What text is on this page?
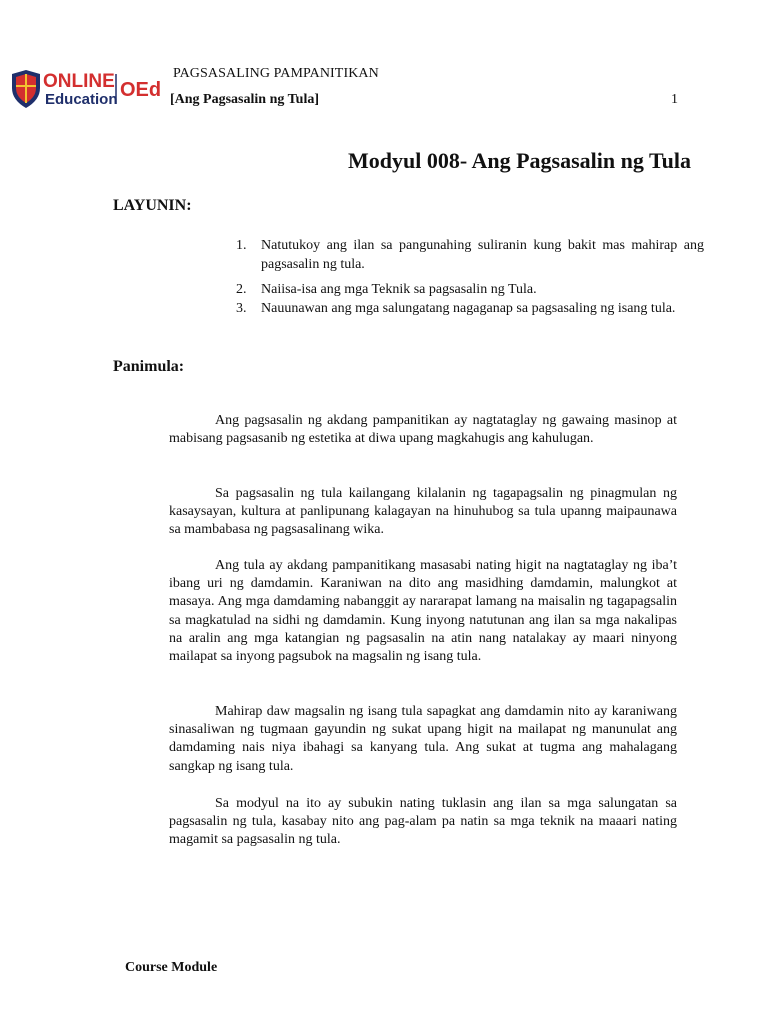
ONLINE
Education OEd
PAGSASALING PAMPANITIKAN
[Ang Pagsasalin ng Tula]	1
Modyul 008- Ang Pagsasalin ng Tula
LAYUNIN:
1. Natutukoy ang ilan sa pangunahing suliranin kung bakit mas mahirap ang pagsasalin ng tula.
2. Naiisa-isa ang mga Teknik sa pagsasalin ng Tula.
3. Nauunawan ang mga salungatang nagaganap sa pagsasaling ng isang tula.
Panimula:

Ang pagsasalin ng akdang pampanitikan ay nagtataglay ng gawaing masinop at mabisang pagsasanib ng estetika at diwa upang magkahugis ang kahulugan.

Sa pagsasalin ng tula kailangang kilalanin ng tagapagsalin ng pinagmulan ng kasaysayan, kultura at panlipunang kalagayan na hinuhubog sa tula upanng maipaunawa sa mambabasa ng pagsasalinang wika.

Ang tula ay akdang pampanitikang masasabi nating higit na nagtataglay ng iba’t ibang uri ng damdamin. Karaniwan na dito ang masidhing damdamin, malungkot at masaya. Ang mga damdaming nabanggit ay nararapat lamang na maisalin ng tagapagsalin sa magkatulad na sidhi ng damdamin. Kung inyong natutunan ang ilan sa mga nakalipas na aralin ang mga katangian ng pagsasalin na atin nang natalakay ay maari ninyong mailapat sa inyong pagsubok na magsalin ng isang tula.

Mahirap daw magsalin ng isang tula sapagkat ang damdamin nito ay karaniwang sinasaliwan ng tugmaan gayundin ng sukat upang higit na mailapat ng manunulat ang damdaming nais niya ibahagi sa kanyang tula. Ang sukat at tugma ang mahalagang sangkap ng isang tula.

Sa modyul na ito ay subukin nating tuklasin ang ilan sa mga salungatan sa pagsasalin ng tula, kasabay nito ang pag-alam pa natin sa mga teknik na maaari nating magamit sa pagsasalin ng tula.

Course Module
